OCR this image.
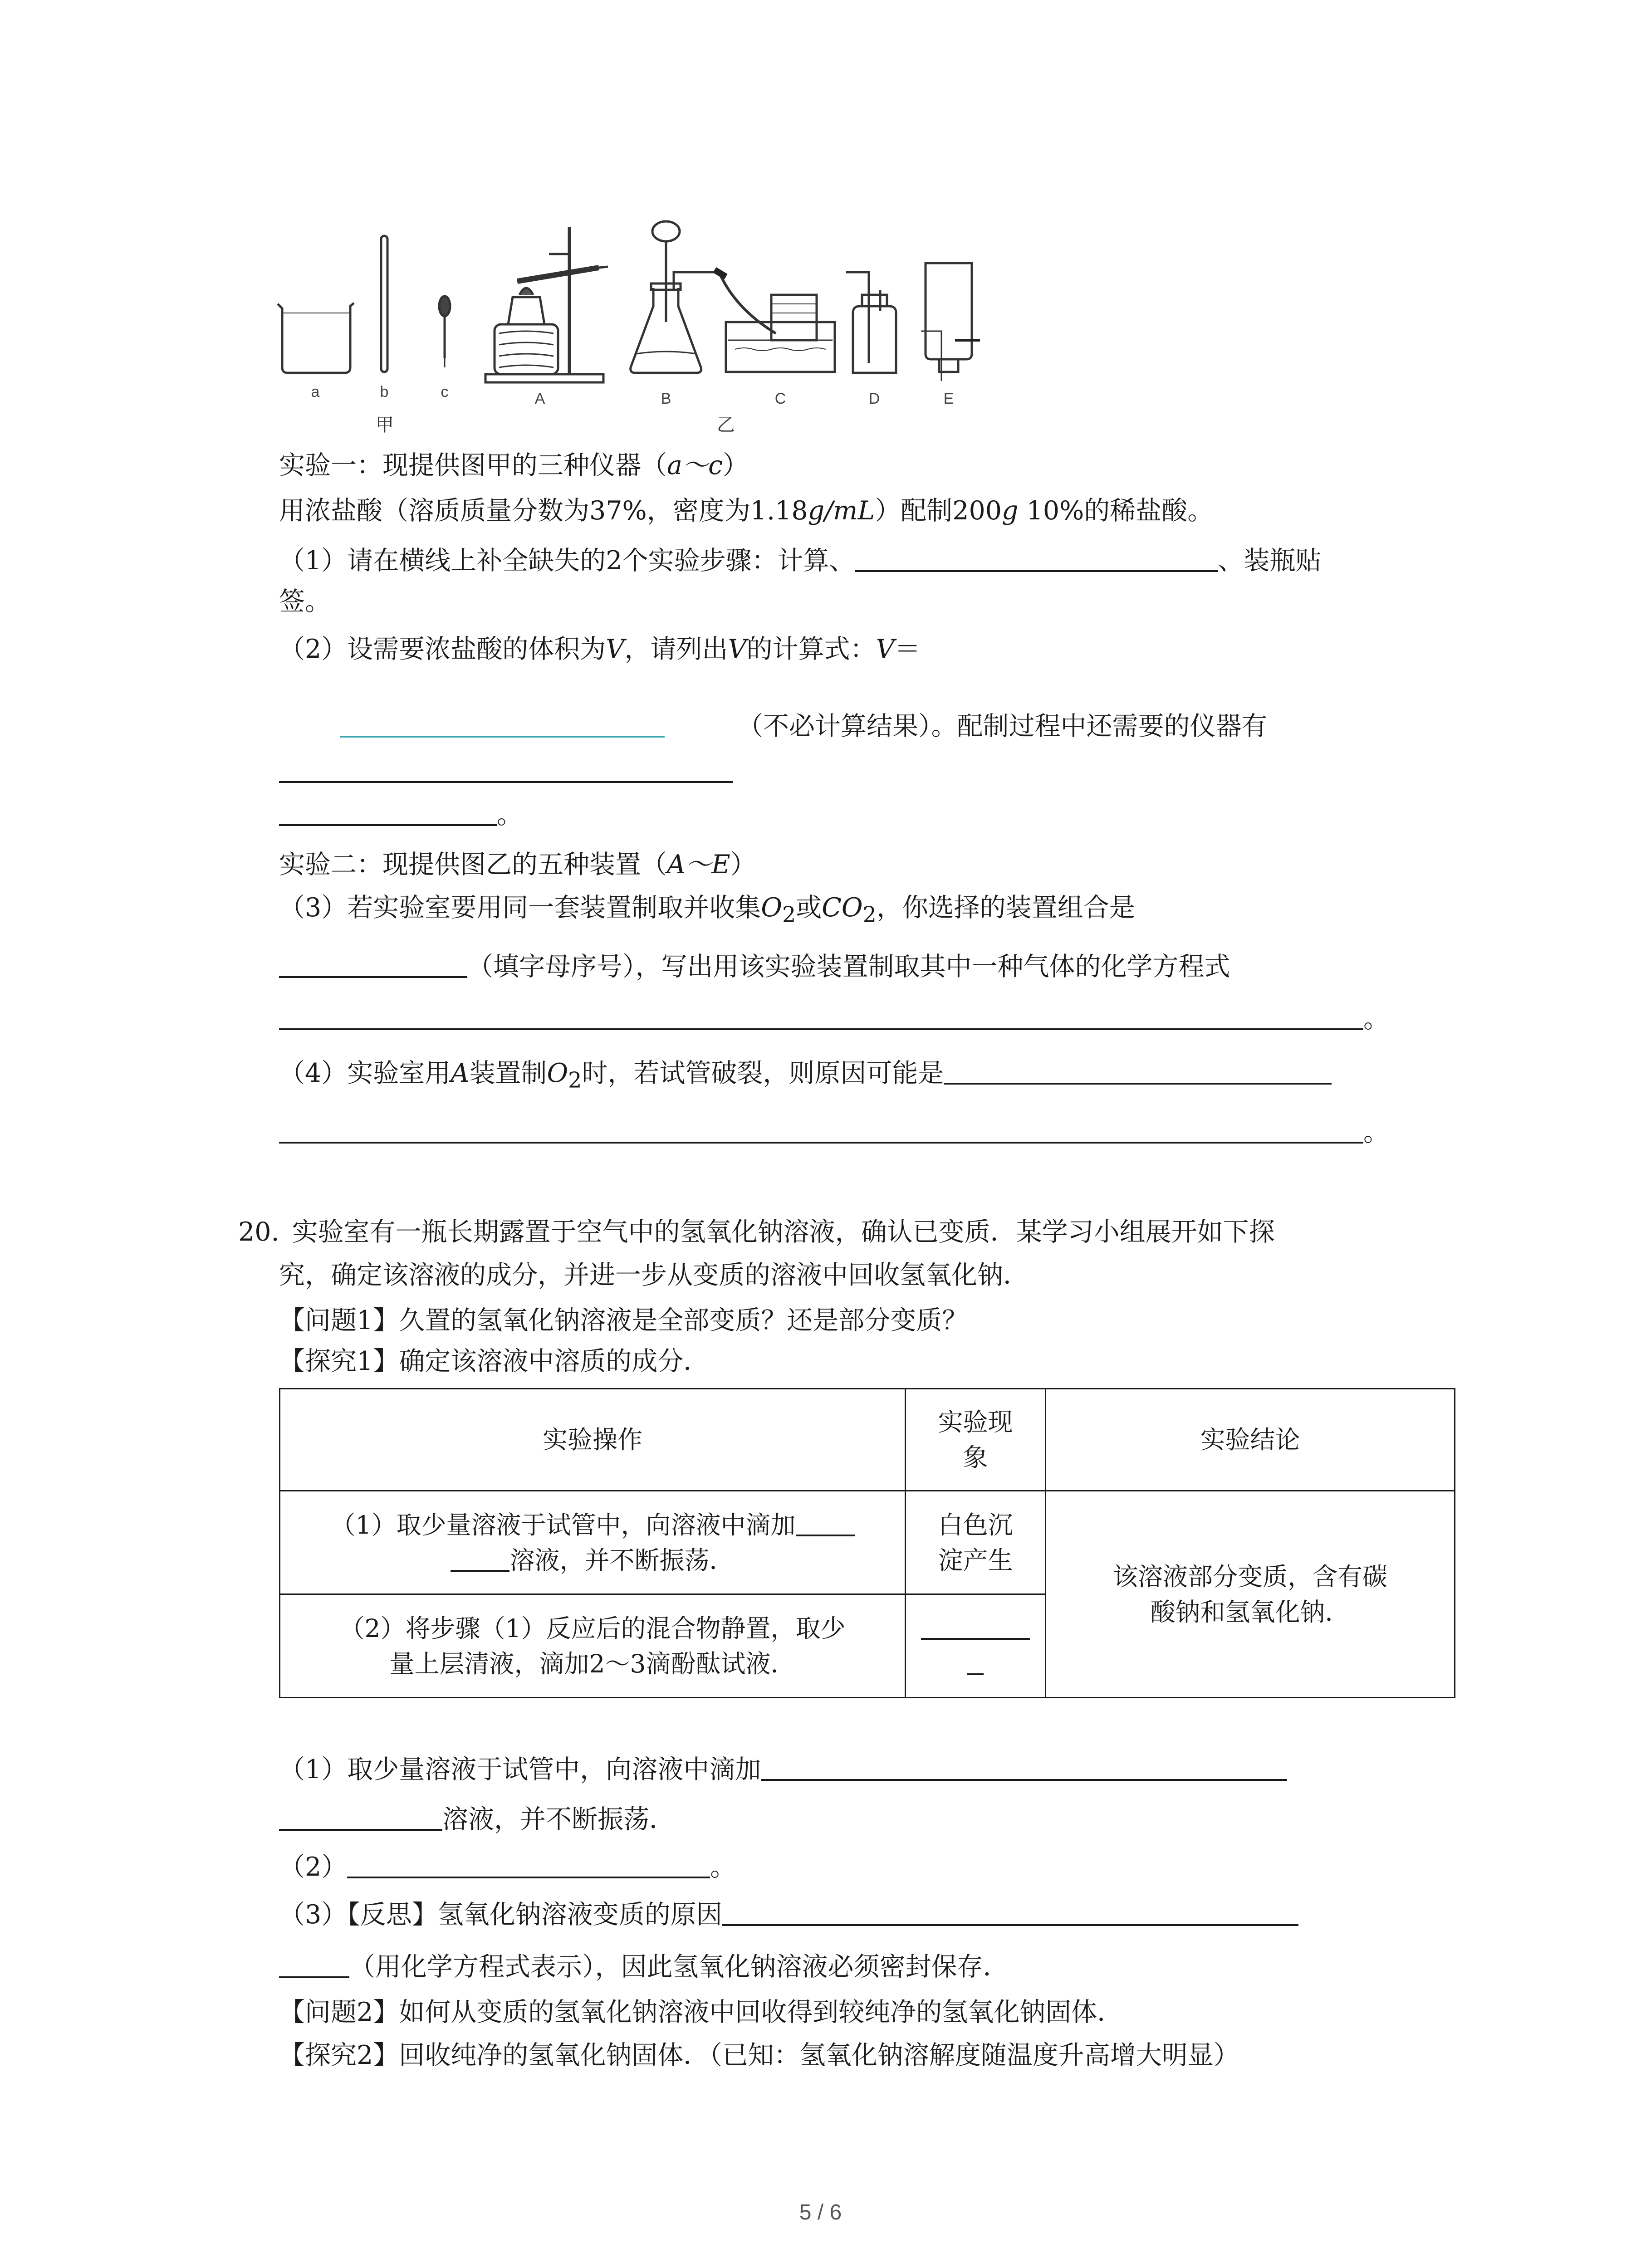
a	b	c	A	B	C	D	E
甲	乙
实验一：现提供图甲的三种仪器（a～c）
用浓盐酸（溶质质量分数为37%，密度为1.18g/mL）配制200g 10%的稀盐酸。
（1）请在横线上补全缺失的2个实验步骤：计算、	、装瓶贴
签。
（2）设需要浓盐酸的体积为V，请列出V的计算式：V＝
（不必计算结果）。配制过程中还需要的仪器有
。
实验二：现提供图乙的五种装置（A～E）
（3）若实验室要用同一套装置制取并收集$O_2$或$CO_2$，你选择的装置组合是
（填字母序号），写出用该实验装置制取其中一种气体的化学方程式
。
（4）实验室用A装置制$O_2$时，若试管破裂，则原因可能是
。
20. 实验室有一瓶长期露置于空气中的氢氧化钠溶液，确认已变质．某学习小组展开如下探
究，确定该溶液的成分，并进一步从变质的溶液中回收氢氧化钠．
【问题1】久置的氢氧化钠溶液是全部变质？还是部分变质？
【探究1】确定该溶液中溶质的成分．
实验操作	实验现
象	实验结论
（1）取少量溶液于试管中，向溶液中滴加
溶液，并不断振荡．	白色沉
淀产生	该溶液部分变质，含有碳
酸钠和氢氧化钠．
（2）将步骤（1）反应后的混合物静置，取少
量上层清液，滴加2～3滴酚酞试液．		

（1）取少量溶液于试管中，向溶液中滴加
溶液，并不断振荡．
（2）	。
（3）【反思】氢氧化钠溶液变质的原因
（用化学方程式表示），因此氢氧化钠溶液必须密封保存．
【问题2】如何从变质的氢氧化钠溶液中回收得到较纯净的氢氧化钠固体．
【探究2】回收纯净的氢氧化钠固体．（已知：氢氧化钠溶解度随温度升高增大明显）
5 / 6
